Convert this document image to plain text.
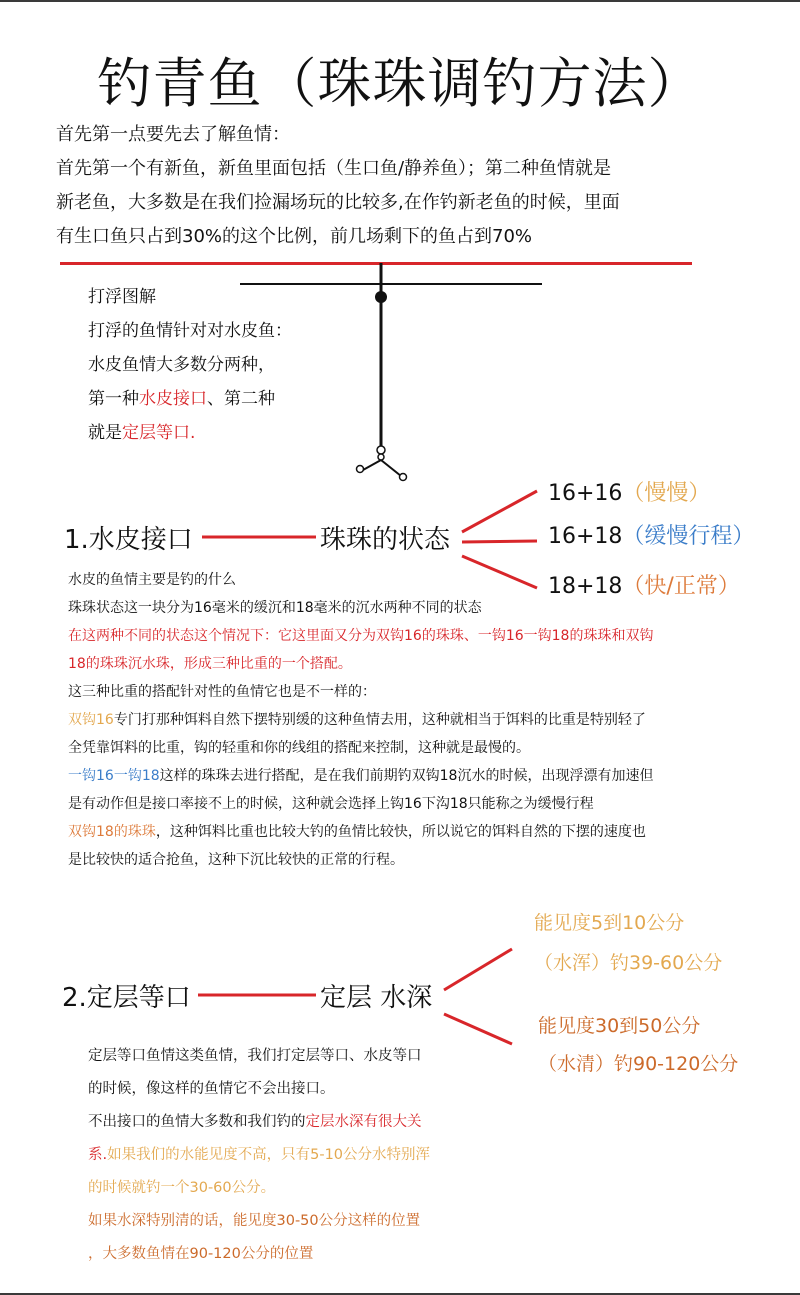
钓青鱼（珠珠调钓方法）
首先第一点要先去了解鱼情：
首先第一个有新鱼，新鱼里面包括（生口鱼/静养鱼）；第二种鱼情就是
新老鱼，大多数是在我们捡漏场玩的比较多,在作钓新老鱼的时候，里面
有生口鱼只占到30%的这个比例，前几场剩下的鱼占到70%
打浮图解
打浮的鱼情针对对水皮鱼：
水皮鱼情大多数分两种，
第一种水皮接口、第二种
就是定层等口.
1.水皮接口	珠珠的状态
16+16（慢慢）
16+18（缓慢行程）
18+18（快/正常）
水皮的鱼情主要是钓的什么
珠珠状态这一块分为16毫米的缓沉和18毫米的沉水两种不同的状态
在这两种不同的状态这个情况下：它这里面又分为双钩16的珠珠、一钩16一钩18的珠珠和双钩
18的珠珠沉水珠，形成三种比重的一个搭配。
这三种比重的搭配针对性的鱼情它也是不一样的：
双钩16专门打那种饵料自然下摆特别缓的这种鱼情去用，这种就相当于饵料的比重是特别轻了
全凭靠饵料的比重，钩的轻重和你的线组的搭配来控制，这种就是最慢的。
一钩16一钩18这样的珠珠去进行搭配，是在我们前期钓双钩18沉水的时候，出现浮漂有加速但
是有动作但是接口率接不上的时候，这种就会选择上钩16下沟18只能称之为缓慢行程
双钩18的珠珠，这种饵料比重也比较大钓的鱼情比较快，所以说它的饵料自然的下摆的速度也
是比较快的适合抢鱼，这种下沉比较快的正常的行程。
2.定层等口	定层 水深
能见度5到10公分
（水浑）钓39-60公分
能见度30到50公分
（水清）钓90-120公分
定层等口鱼情这类鱼情，我们打定层等口、水皮等口
的时候，像这样的鱼情它不会出接口。
不出接口的鱼情大多数和我们钓的定层水深有很大关
系.如果我们的水能见度不高，只有5-10公分水特别浑
的时候就钓一个30-60公分。
如果水深特别清的话，能见度30-50公分这样的位置
，大多数鱼情在90-120公分的位置
